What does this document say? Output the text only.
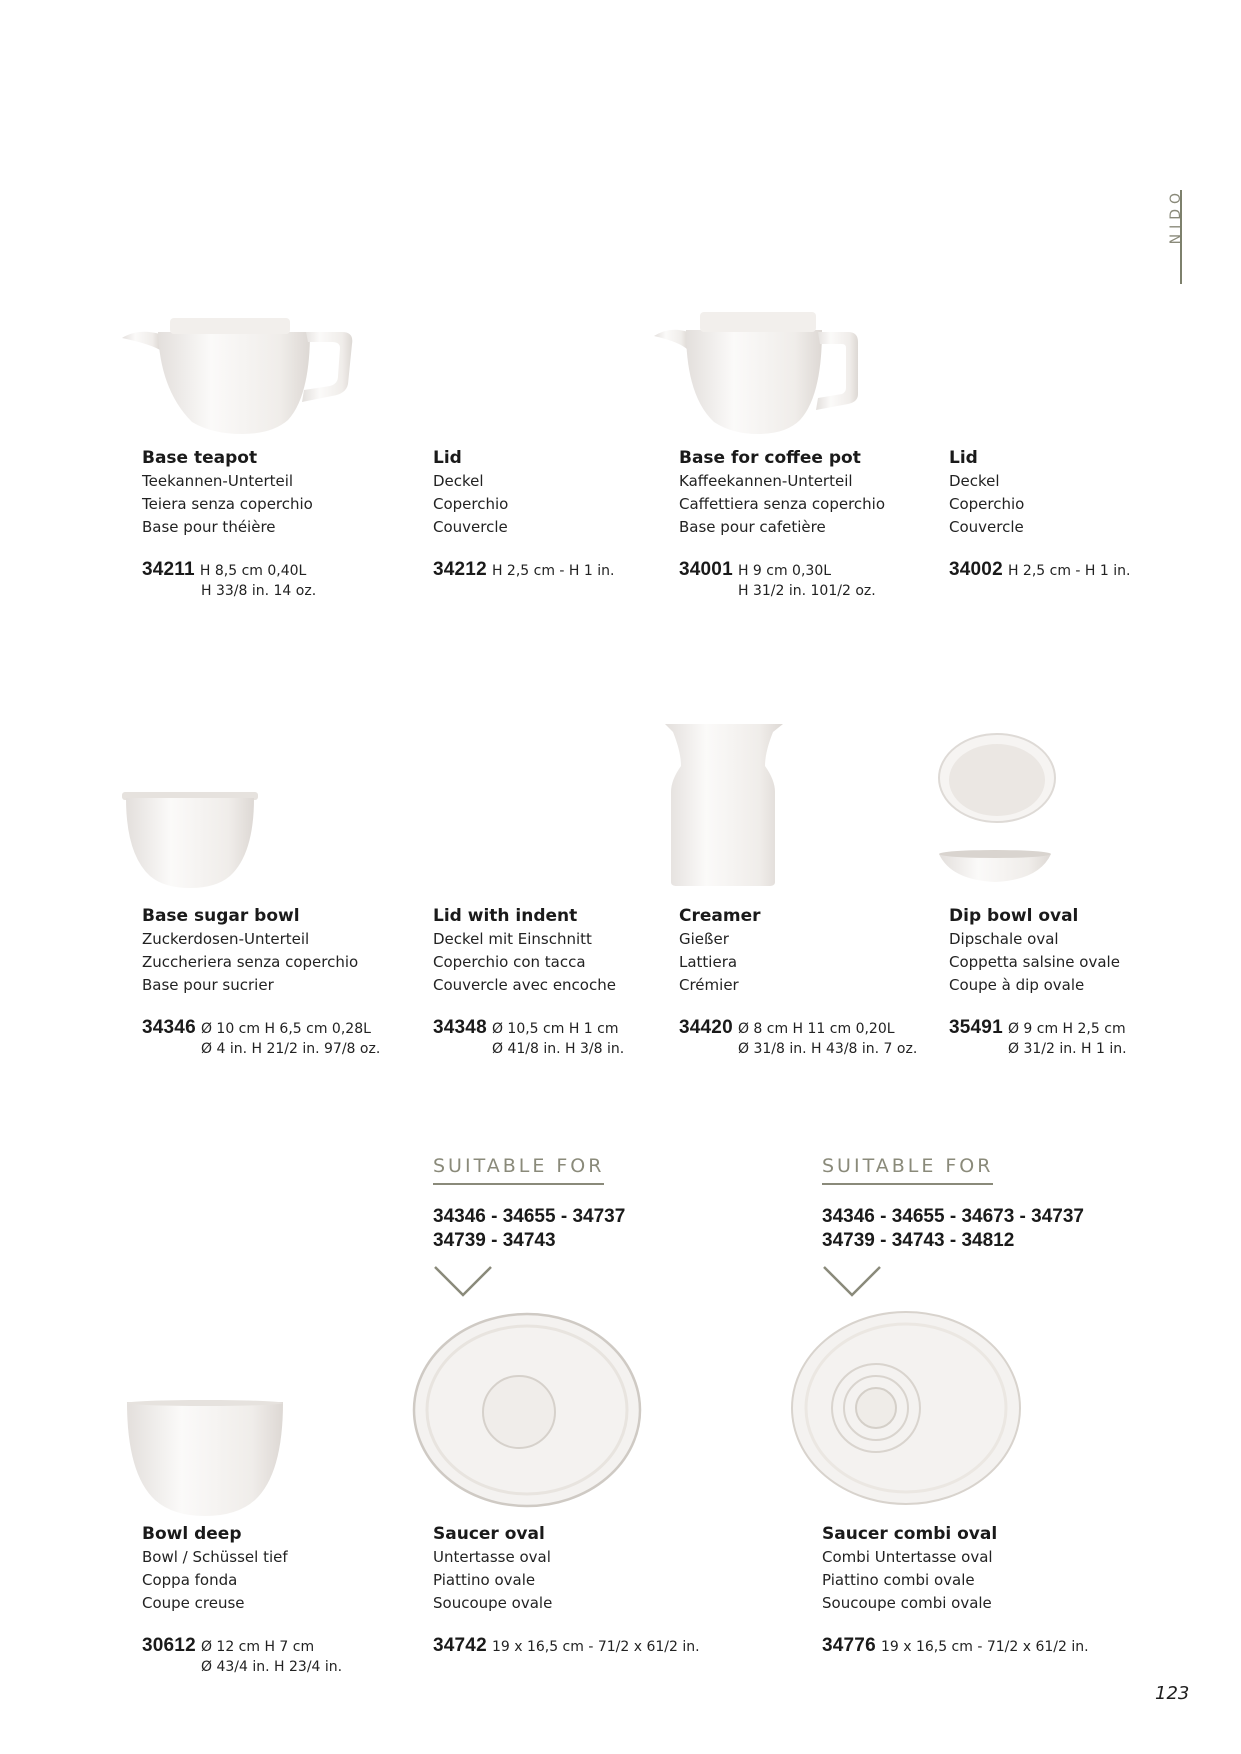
NIDO
Base teapot
Teekannen-Unterteil
Teiera senza coperchio
Base pour théière
34211 H 8,5 cm 0,40L
H 33/8 in. 14 oz.
Lid
Deckel
Coperchio
Couvercle
34212 H 2,5 cm - H 1 in.
Base for coffee pot
Kaffeekannen-Unterteil
Caffettiera senza coperchio
Base pour cafetière
34001 H 9 cm 0,30L
H 31/2 in. 101/2 oz.
Lid
Deckel
Coperchio
Couvercle
34002 H 2,5 cm - H 1 in.
Base sugar bowl
Zuckerdosen-Unterteil
Zuccheriera senza coperchio
Base pour sucrier
34346 Ø 10 cm H 6,5 cm 0,28L
Ø 4 in. H 21/2 in. 97/8 oz.
Lid with indent
Deckel mit Einschnitt
Coperchio con tacca
Couvercle avec encoche
34348 Ø 10,5 cm H 1 cm
Ø 41/8 in. H 3/8 in.
Creamer
Gießer
Lattiera
Crémier
34420 Ø 8 cm H 11 cm 0,20L
Ø 31/8 in. H 43/8 in. 7 oz.
Dip bowl oval
Dipschale oval
Coppetta salsine ovale
Coupe à dip ovale
35491 Ø 9 cm H 2,5 cm
Ø 31/2 in. H 1 in.
Bowl deep
Bowl / Schüssel tief
Coppa fonda
Coupe creuse
30612 Ø 12 cm H 7 cm
Ø 43/4 in. H 23/4 in.
Saucer oval
Untertasse oval
Piattino ovale
Soucoupe ovale
34742 19 x 16,5 cm - 71/2 x 61/2 in.
Saucer combi oval
Combi Untertasse oval
Piattino combi ovale
Soucoupe combi ovale
34776 19 x 16,5 cm - 71/2 x 61/2 in.
SUITABLE FOR
34346 - 34655 - 34737
34739 - 34743
SUITABLE FOR
34346 - 34655 - 34673 - 34737
34739 - 34743 - 34812
123
